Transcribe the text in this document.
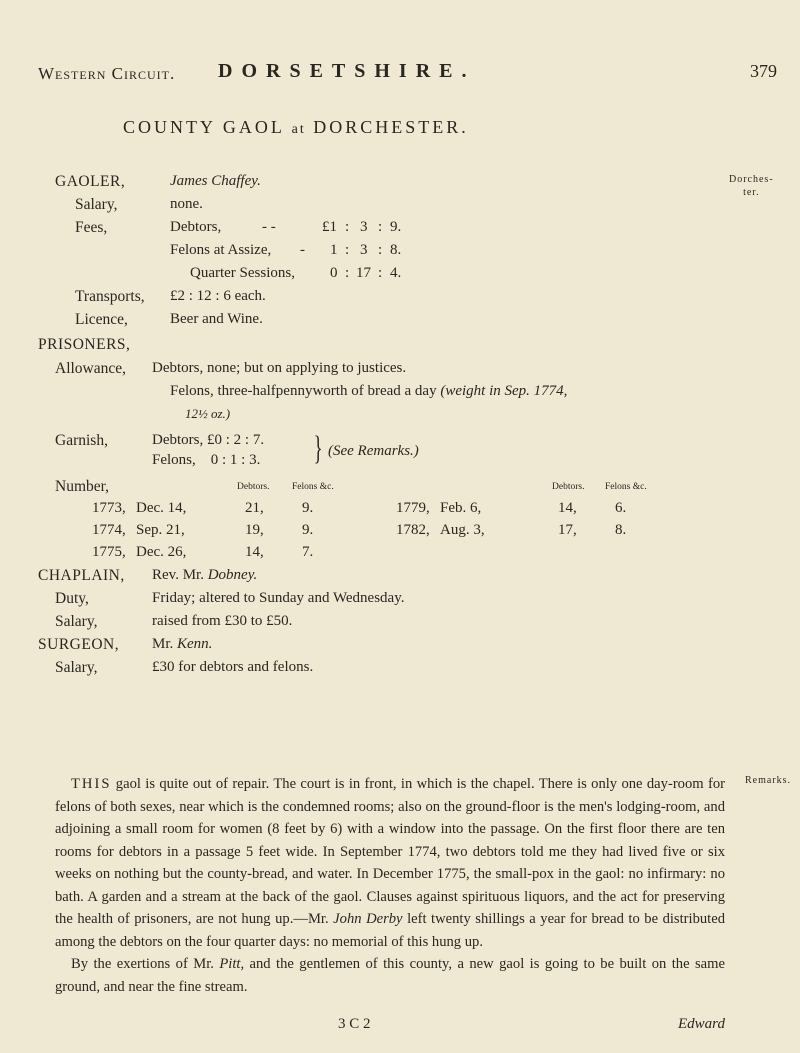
Western Circuit. DORSETSHIRE.	379
COUNTY GAOL at DORCHESTER.
Dorches-
ter.
Remarks.
GAOLER,	James Chaffey.
Salary,	none.
Fees,	Debtors,	- -	£1 : 3 : 9.
Felons at Assize, - 1 : 3 : 8.
Quarter Sessions, 0 : 17 : 4.
Transports, £2 : 12 : 6 each.
Licence,	Beer and Wine.
PRISONERS,
Allowance, Debtors, none; but on applying to justices.
Felons, three-halfpennyworth of bread a day (weight in Sep. 1774,
12½ oz.)
Garnish,	Debtors, £0 : 2 : 7.
Felons,    0 : 1 : 3. } (See Remarks.)
Number,	Debtors. Felons &c.	Debtors. Felons &c.
1773, Dec. 14,	21,	9.
1774, Sep. 21,	19,	9.
1775, Dec. 26,	14,	7.
1779, Feb. 6,	14,	6.
1782, Aug. 3,	17,	8.
CHAPLAIN, Rev. Mr. Dobney.
Duty,	Friday; altered to Sunday and Wednesday.
Salary,	raised from £30 to £50.
SURGEON, Mr. Kenn.
Salary,	£30 for debtors and felons.

THIS gaol is quite out of repair. The court is in front, in which is the chapel. There is only one day-room for felons of both sexes, near which is the condemned rooms; also on the ground-floor is the men's lodging-room, and adjoining a small room for women (8 feet by 6) with a window into the passage. On the first floor there are ten rooms for debtors in a passage 5 feet wide. In September 1774, two debtors told me they had lived five or six weeks on nothing but the county-bread, and water. In December 1775, the small-pox in the gaol: no infirmary: no bath. A garden and a stream at the back of the gaol. Clauses against spirituous liquors, and the act for preserving the health of prisoners, are not hung up.—Mr. John Derby left twenty shillings a year for bread to be distributed among the debtors on the four quarter days: no memorial of this hung up.

By the exertions of Mr. Pitt, and the gentlemen of this county, a new gaol is going to be built on the same ground, and near the fine stream.

3 C 2	Edward
